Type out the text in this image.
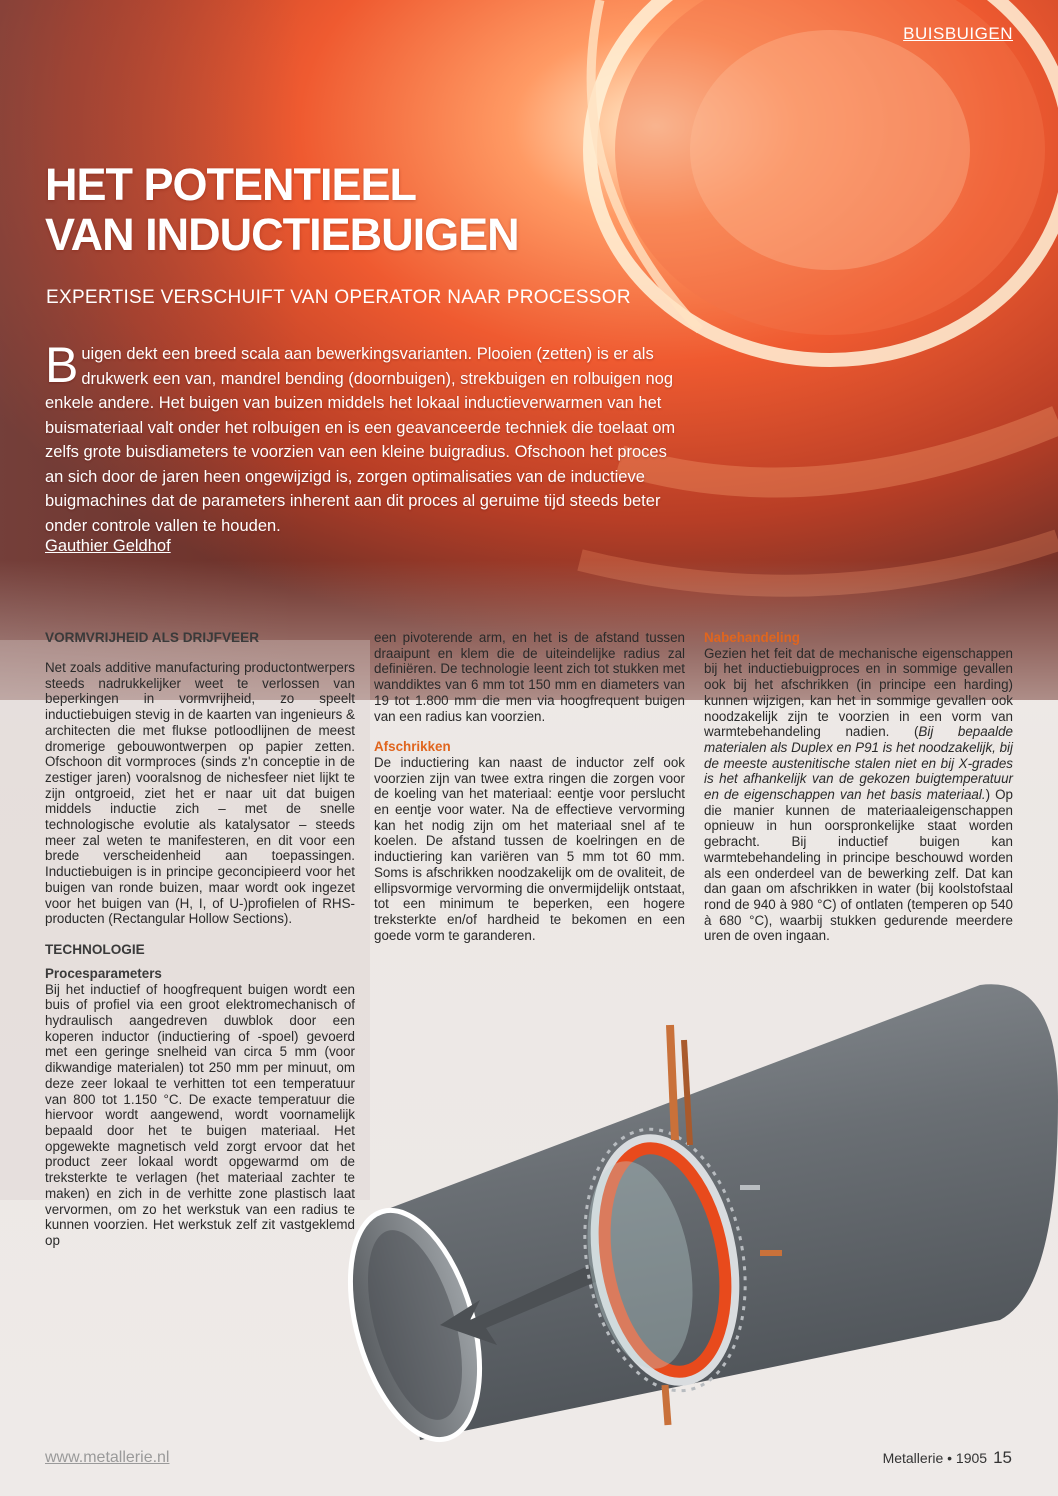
BUISBUIGEN
HET POTENTIEEL
VAN INDUCTIEBUIGEN
EXPERTISE VERSCHUIFT VAN OPERATOR NAAR PROCESSOR

Buigen dekt een breed scala aan bewerkingsvarianten. Plooien (zetten) is er als drukwerk een van, mandrel bending (doornbuigen), strekbuigen en rolbuigen nog enkele andere. Het buigen van buizen middels het lokaal inductieverwarmen van het buismateriaal valt onder het rolbuigen en is een geavanceerde techniek die toelaat om zelfs grote buisdiameters te voorzien van een kleine buigradius. Ofschoon het proces an sich door de jaren heen ongewijzigd is, zorgen optimalisaties van de inductieve buigmachines dat de parameters inherent aan dit proces al geruime tijd steeds beter onder controle vallen te houden.

Gauthier Geldhof
VORMVRIJHEID ALS DRIJFVEER

Net zoals additive manufacturing productontwerpers steeds nadrukkelijker weet te verlossen van beperkingen in vormvrijheid, zo speelt inductiebuigen stevig in de kaarten van ingenieurs & architecten die met flukse potloodlijnen de meest dromerige gebouwontwerpen op papier zetten. Ofschoon dit vormproces (sinds z'n conceptie in de zestiger jaren) vooralsnog de nichesfeer niet lijkt te zijn ontgroeid, ziet het er naar uit dat buigen middels inductie zich – met de snelle technologische evolutie als katalysator – steeds meer zal weten te manifesteren, en dit voor een brede verscheidenheid aan toepassingen. Inductiebuigen is in principe geconcipieerd voor het buigen van ronde buizen, maar wordt ook ingezet voor het buigen van (H, I, of U-)profielen of RHS-producten (Rectangular Hollow Sections).

TECHNOLOGIE
Procesparameters

Bij het inductief of hoogfrequent buigen wordt een buis of profiel via een groot elektromechanisch of hydraulisch aangedreven duwblok door een koperen inductor (inductiering of -spoel) gevoerd met een geringe snelheid van circa 5 mm (voor dikwandige materialen) tot 250 mm per minuut, om deze zeer lokaal te verhitten tot een temperatuur van 800 tot 1.150 °C. De exacte temperatuur die hiervoor wordt aangewend, wordt voornamelijk bepaald door het te buigen materiaal. Het opgewekte magnetisch veld zorgt ervoor dat het product zeer lokaal wordt opgewarmd om de treksterkte te verlagen (het materiaal zachter te maken) en zich in de verhitte zone plastisch laat vervormen, om zo het werkstuk van een radius te kunnen voorzien. Het werkstuk zelf zit vastgeklemd op

een pivoterende arm, en het is de afstand tussen draaipunt en klem die de uiteindelijke radius zal definiëren. De technologie leent zich tot stukken met wanddiktes van 6 mm tot 150 mm en diameters van 19 tot 1.800 mm die men via hoogfrequent buigen van een radius kan voorzien.

Afschrikken

De inductiering kan naast de inductor zelf ook voorzien zijn van twee extra ringen die zorgen voor de koeling van het materiaal: eentje voor perslucht en eentje voor water. Na de effectieve vervorming kan het nodig zijn om het materiaal snel af te koelen. De afstand tussen de koelringen en de inductiering kan variëren van 5 mm tot 60 mm. Soms is afschrikken noodzakelijk om de ovaliteit, de ellipsvormige vervorming die onvermijdelijk ontstaat, tot een minimum te beperken, een hogere treksterkte en/of hardheid te bekomen en een goede vorm te garanderen.

Nabehandeling

Gezien het feit dat de mechanische eigenschappen bij het inductiebuigproces en in sommige gevallen ook bij het afschrikken (in principe een harding) kunnen wijzigen, kan het in sommige gevallen ook noodzakelijk zijn te voorzien in een vorm van warmtebehandeling nadien. (Bij bepaalde materialen als Duplex en P91 is het noodzakelijk, bij de meeste austenitische stalen niet en bij X-grades is het afhankelijk van de gekozen buigtemperatuur en de eigenschappen van het basis materiaal.) Op die manier kunnen de materiaaleigenschappen opnieuw in hun oorspronkelijke staat worden gebracht. Bij inductief buigen kan warmtebehandeling in principe beschouwd worden als een onderdeel van de bewerking zelf. Dat kan dan gaan om afschrikken in water (bij koolstofstaal rond de 940 à 980 °C) of ontlaten (temperen op 540 à 680 °C), waarbij stukken gedurende meerdere uren de oven ingaan.

www.metallerie.nl	Metallerie • 1905 15
